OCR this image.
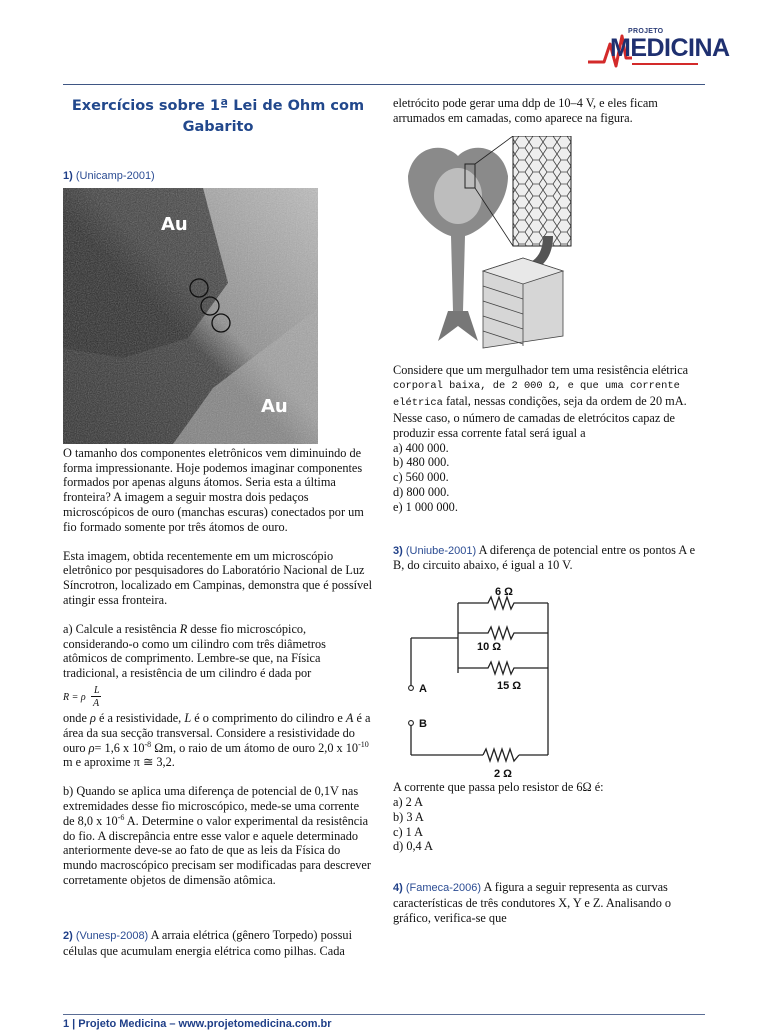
PROJETO
MEDICINA
Exercícios sobre 1ª Lei de Ohm com Gabarito

1) (Unicamp-2001)

Au
Au

O tamanho dos componentes eletrônicos vem diminuindo de forma impressionante. Hoje podemos imaginar componentes formados por apenas alguns átomos. Seria esta a última fronteira? A imagem a seguir mostra dois pedaços microscópicos de ouro (manchas escuras) conectados por um fio formado somente por três átomos de ouro.

Esta imagem, obtida recentemente em um microscópio eletrônico por pesquisadores do Laboratório Nacional de Luz Síncrotron, localizado em Campinas, demonstra que é possível atingir essa fronteira.

a) Calcule a resistência R desse fio microscópico, considerando-o como um cilindro com três diâmetros atômicos de comprimento. Lembre-se que, na Física tradicional, a resistência de um cilindro é dada por

R = ρ
L
A

onde ρ é a resistividade, L é o comprimento do cilindro e A é a área da sua secção transversal. Considere a resistividade do ouro ρ= 1,6 x $10^{-8}$ Ωm, o raio de um átomo de ouro 2,0 x $10^{-10}$ m e aproxime π ≅ 3,2.

b) Quando se aplica uma diferença de potencial de 0,1V nas extremidades desse fio microscópico, mede-se uma corrente de 8,0 x $10^{-6}$ A. Determine o valor experimental da resistência do fio. A discrepância entre esse valor e aquele determinado anteriormente deve-se ao fato de que as leis da Física do mundo macroscópico precisam ser modificadas para descrever corretamente objetos de dimensão atômica.

2) (Vunesp-2008) A arraia elétrica (gênero Torpedo) possui células que acumulam energia elétrica como pilhas. Cada

eletrócito pode gerar uma ddp de 10–4 V, e eles ficam arrumados em camadas, como aparece na figura.

Considere que um mergulhador tem uma resistência elétrica corporal baixa, de 2 000 Ω, e que uma corrente elétrica fatal, nessas condições, seja da ordem de 20 mA. Nesse caso, o número de camadas de eletrócitos capaz de produzir essa corrente fatal será igual a

a) 400 000.
b) 480 000.
c) 560 000.
d) 800 000.
e) 1 000 000.

3) (Uniube-2001) A diferença de potencial entre os pontos A e B, do circuito abaixo, é igual a 10 V.

6 Ω
10 Ω
15 Ω
2 Ω
A
B

A corrente que passa pelo resistor de 6Ω é:

a) 2 A
b) 3 A
c) 1 A
d) 0,4 A

4) (Fameca-2006) A figura a seguir representa as curvas características de três condutores X, Y e Z. Analisando o gráfico, verifica-se que

1 | Projeto Medicina – www.projetomedicina.com.br
